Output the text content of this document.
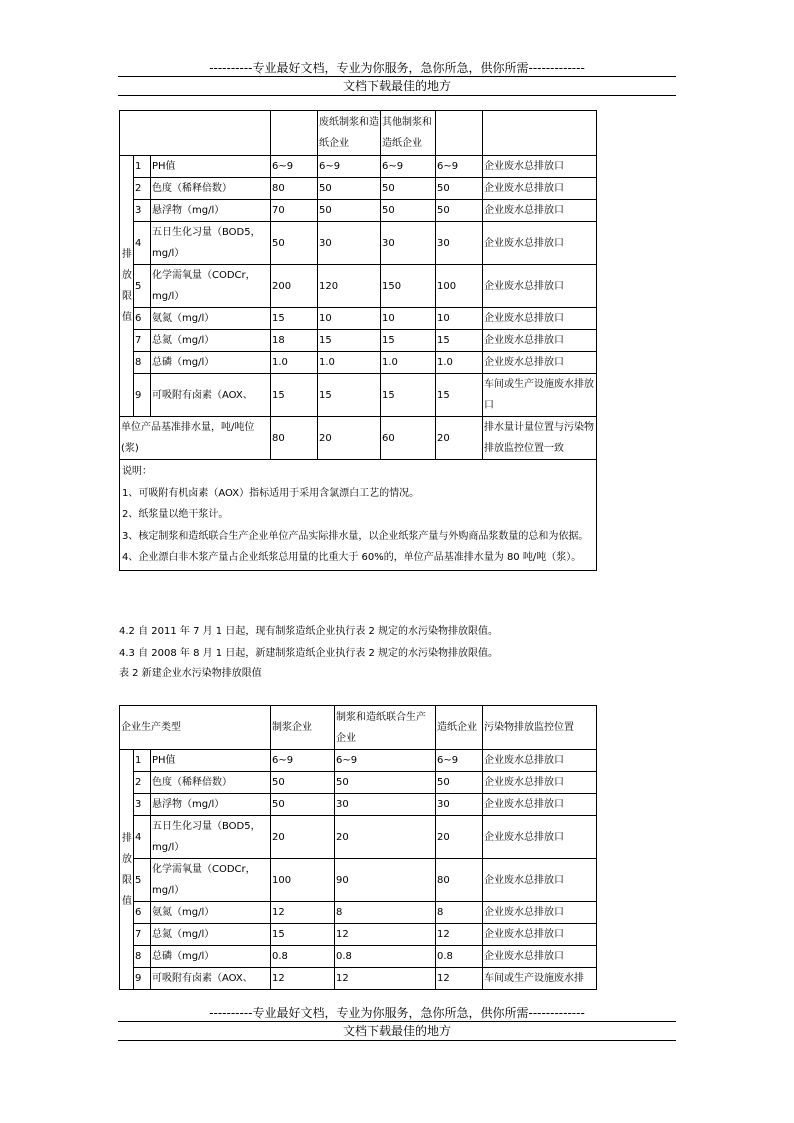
----------专业最好文档，专业为你服务，急你所急，供你所需-------------
文档下载最佳的地方
				废纸制浆和造纸企业	其他制浆和造纸企业		
排放限值	1	PH值	6~9	6~9	6~9	6~9	企业废水总排放口
	2	色度（稀释倍数）	80	50	50	50	企业废水总排放口
	3	悬浮物（mg/l）	70	50	50	50	企业废水总排放口
	4	五日生化习量（BOD5，mg/l）	50	30	30	30	企业废水总排放口
	5	化学需氧量（CODCr，mg/l）	200	120	150	100	企业废水总排放口
	6	氨氮（mg/l）	15	10	10	10	企业废水总排放口
	7	总氮（mg/l）	18	15	15	15	企业废水总排放口
	8	总磷（mg/l）	1.0	1.0	1.0	1.0	企业废水总排放口
	9	可吸附有卤素（AOX、	15	15	15	15	车间或生产设施废水排放口
单位产品基准排水量，吨/吨位(浆)			80	20	60	20	排水量计量位置与污染物排放监控位置一致

说明：
1、可吸附有机卤素（AOX）指标适用于采用含氯漂白工艺的情况。
2、纸浆量以绝干浆计。
3、核定制浆和造纸联合生产企业单位产品实际排水量，以企业纸浆产量与外购商品浆数量的总和为依据。
4、企业漂白非木浆产量占企业纸浆总用量的比重大于 60%的，单位产品基准排水量为 80 吨/吨（浆）。							
4.2 自 2011 年 7 月 1 日起，现有制浆造纸企业执行表 2 规定的水污染物排放限值。
4.3 自 2008 年 8 月 1 日起，新建制浆造纸企业执行表 2 规定的水污染物排放限值。
表 2 新建企业水污染物排放限值
企业生产类型			制浆企业	制浆和造纸联合生产企业	造纸企业	污染物排放监控位置
排放限值	1	PH值	6~9	6~9	6~9	企业废水总排放口
	2	色度（稀释倍数）	50	50	50	企业废水总排放口
	3	悬浮物（mg/l）	50	30	30	企业废水总排放口
	4	五日生化习量（BOD5，mg/l）	20	20	20	企业废水总排放口
	5	化学需氧量（CODCr，mg/l）	100	90	80	企业废水总排放口
	6	氨氮（mg/l）	12	8	8	企业废水总排放口
	7	总氮（mg/l）	15	12	12	企业废水总排放口
	8	总磷（mg/l）	0.8	0.8	0.8	企业废水总排放口
	9	可吸附有卤素（AOX、	12	12	12	车间或生产设施废水排
----------专业最好文档，专业为你服务，急你所急，供你所需-------------
文档下载最佳的地方
